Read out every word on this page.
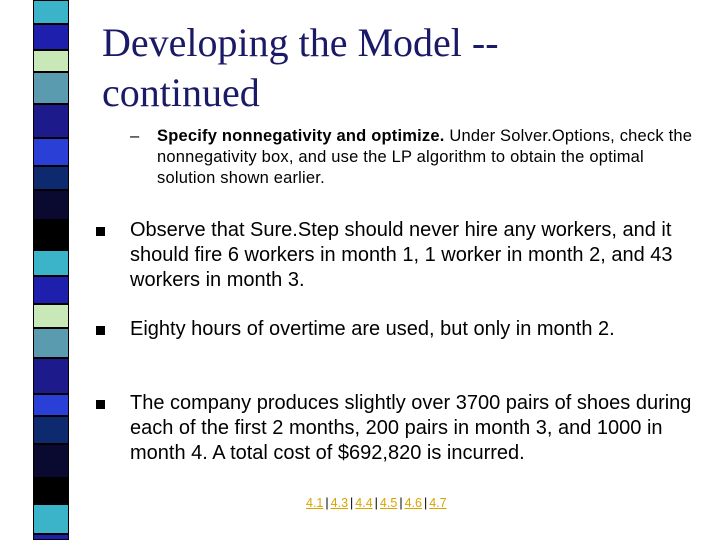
Developing the Model --
continued
– Specify nonnegativity and optimize. Under Solver.Options, check the nonnegativity box, and use the LP algorithm to obtain the optimal solution shown earlier.
Observe that Sure.Step should never hire any workers, and it should fire 6 workers in month 1, 1 worker in month 2, and 43 workers in month 3.
Eighty hours of overtime are used, but only in month 2.
The company produces slightly over 3700 pairs of shoes during each of the first 2 months, 200 pairs in month 3, and 1000 in month 4. A total cost of $692,820 is incurred.
4.1 | 4.3 | 4.4 | 4.5 | 4.6 | 4.7
